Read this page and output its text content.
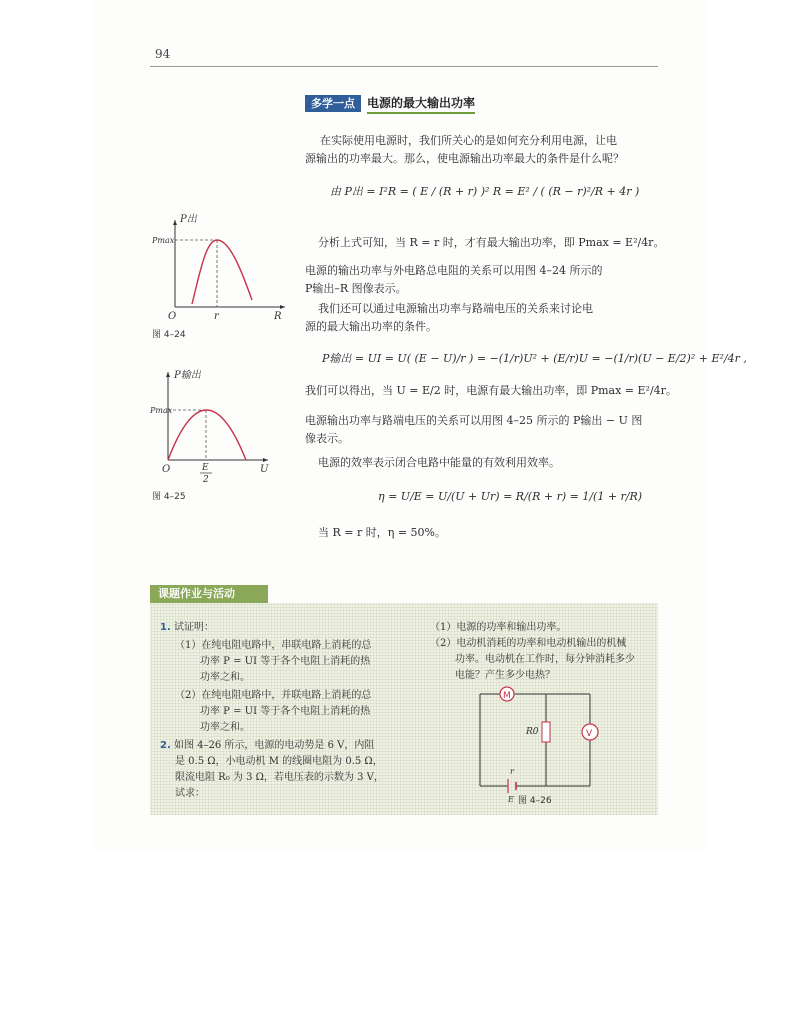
94
多学一点	电源的最大输出功率
在实际使用电源时，我们所关心的是如何充分利用电源，让电
源输出的功率最大。那么，使电源输出功率最大的条件是什么呢？
由 P出 = I²R = ( E / (R + r) )² R = E² / ( (R − r)²/R + 4r )
分析上式可知，当 R = r 时，才有最大输出功率，即 Pmax = E²/4r。
电源的输出功率与外电路总电阻的关系可以用图 4–24 所示的
P输出–R 图像表示。
我们还可以通过电源输出功率与路端电压的关系来讨论电
源的最大输出功率的条件。
P输出 = UI = U( (E − U)/r ) = −(1/r)U² + (E/r)U = −(1/r)(U − E/2)² + E²/4r ,
我们可以得出，当 U = E/2 时，电源有最大输出功率，即 Pmax = E²/4r。
电源输出功率与路端电压的关系可以用图 4–25 所示的 P输出 − U 图
像表示。
电源的效率表示闭合电路中能量的有效利用效率。
η = U/E = U/(U + Ur) = R/(R + r) = 1/(1 + r/R)
当 R = r 时，η = 50%。
P出
Pmax
O	r	R
图 4–24
P输出
Pmax
O	E
2
U
图 4–25
课题作业与活动
1. 试证明：
（1）在纯电阻电路中，串联电路上消耗的总
功率 P = UI 等于各个电阻上消耗的热
功率之和。
（2）在纯电阻电路中，并联电路上消耗的总
功率 P = UI 等于各个电阻上消耗的热
功率之和。
2. 如图 4–26 所示，电源的电动势是 6 V，内阻
是 0.5 Ω，小电动机 M 的线圈电阻为 0.5 Ω，
限流电阻 R₀ 为 3 Ω，若电压表的示数为 3 V，
试求：
（1）电源的功率和输出功率。
（2）电动机消耗的功率和电动机输出的机械
功率。电动机在工作时，每分钟消耗多少
电能？产生多少电热？
M
R0	V
r
E 图 4–26
